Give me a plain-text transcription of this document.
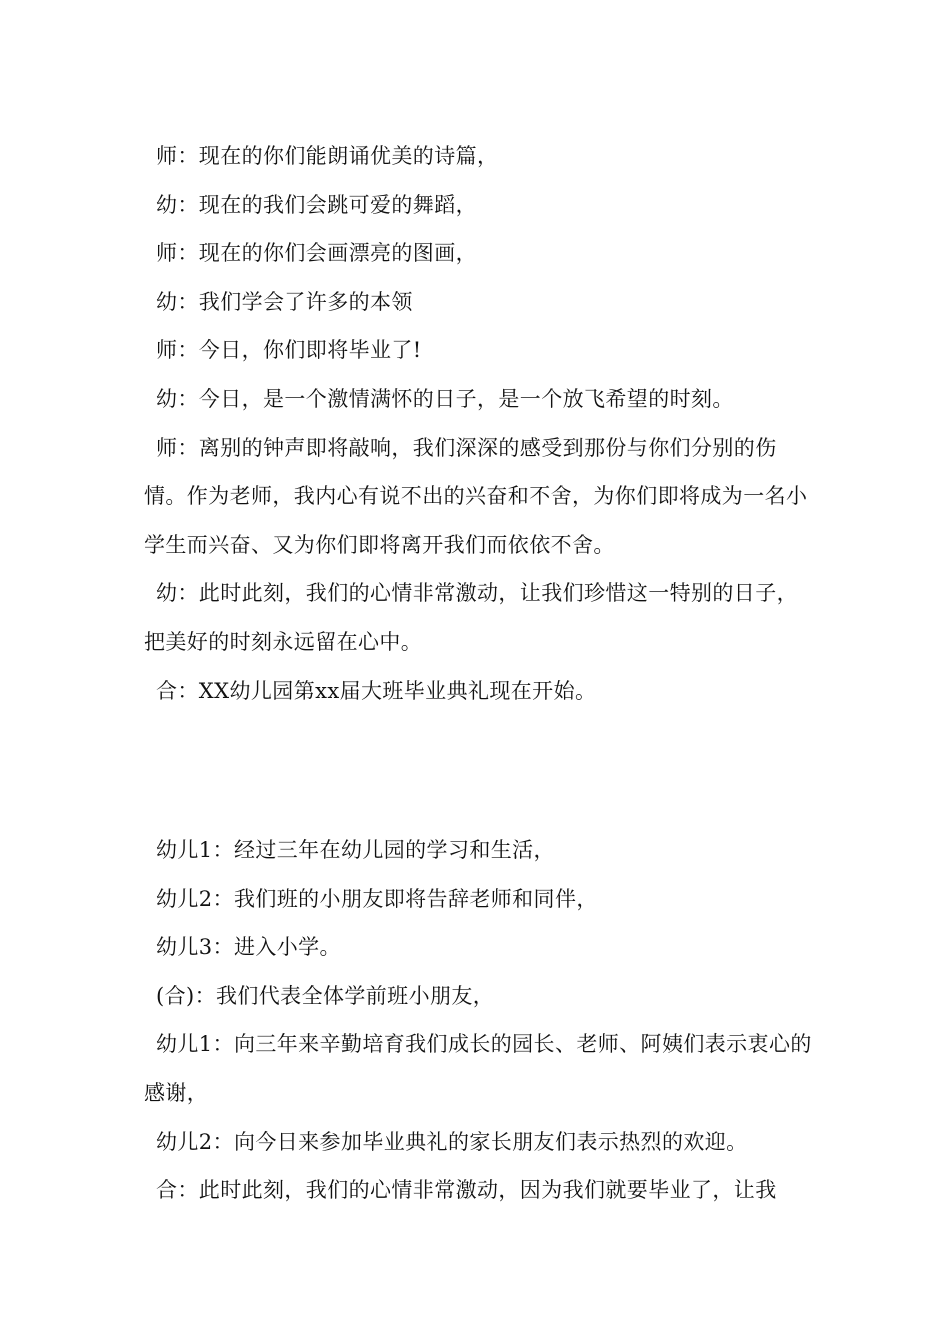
师：现在的你们能朗诵优美的诗篇，

幼：现在的我们会跳可爱的舞蹈，

师：现在的你们会画漂亮的图画，

幼：我们学会了许多的本领

师：今日，你们即将毕业了!

幼：今日，是一个激情满怀的日子，是一个放飞希望的时刻。

师：离别的钟声即将敲响，我们深深的感受到那份与你们分别的伤情。作为老师，我内心有说不出的兴奋和不舍，为你们即将成为一名小学生而兴奋、又为你们即将离开我们而依依不舍。

幼：此时此刻，我们的心情非常激动，让我们珍惜这一特别的日子，把美好的时刻永远留在心中。

合：XX幼儿园第xx届大班毕业典礼现在开始。

幼儿1：经过三年在幼儿园的学习和生活，

幼儿2：我们班的小朋友即将告辞老师和同伴，

幼儿3：进入小学。

(合)：我们代表全体学前班小朋友，

幼儿1：向三年来辛勤培育我们成长的园长、老师、阿姨们表示衷心的感谢，

幼儿2：向今日来参加毕业典礼的家长朋友们表示热烈的欢迎。

合：此时此刻，我们的心情非常激动，因为我们就要毕业了，让我
